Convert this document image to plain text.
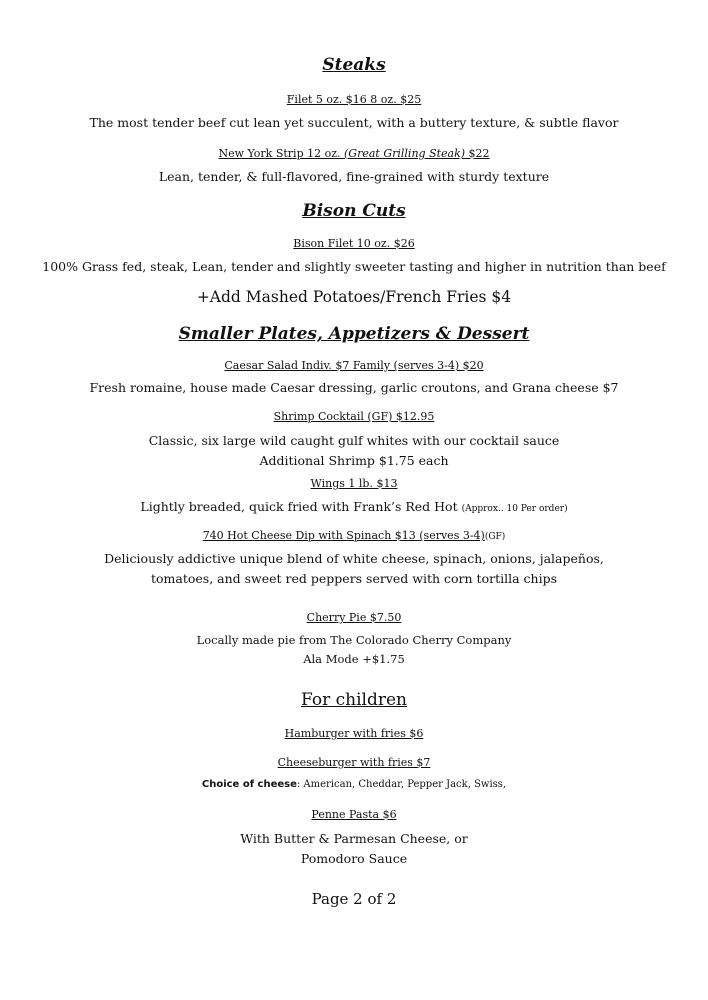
Steaks
Filet 5 oz. $16 8 oz. $25
The most tender beef cut lean yet succulent, with a buttery texture, & subtle flavor
New York Strip 12 oz. (Great Grilling Steak) $22
Lean, tender, & full-flavored, fine-grained with sturdy texture
Bison Cuts
Bison Filet 10 oz. $26
100% Grass fed, steak, Lean, tender and slightly sweeter tasting and higher in nutrition than beef
+Add Mashed Potatoes/French Fries $4
Smaller Plates, Appetizers & Dessert
Caesar Salad Indiv. $7 Family (serves 3-4) $20
Fresh romaine, house made Caesar dressing, garlic croutons, and Grana cheese $7
Shrimp Cocktail (GF) $12.95
Classic, six large wild caught gulf whites with our cocktail sauce
Additional Shrimp $1.75 each
Wings 1 lb. $13
Lightly breaded, quick fried with Frank’s Red Hot (Approx.. 10 Per order)
740 Hot Cheese Dip with Spinach $13 (serves 3-4)(GF)
Deliciously addictive unique blend of white cheese, spinach, onions, jalapeños,
tomatoes, and sweet red peppers served with corn tortilla chips
Cherry Pie $7.50
Locally made pie from The Colorado Cherry Company
Ala Mode +$1.75
For children
Hamburger with fries $6
Cheeseburger with fries $7
Choice of cheese: American, Cheddar, Pepper Jack, Swiss,
Penne Pasta $6
With Butter & Parmesan Cheese, or
Pomodoro Sauce
Page 2 of 2
